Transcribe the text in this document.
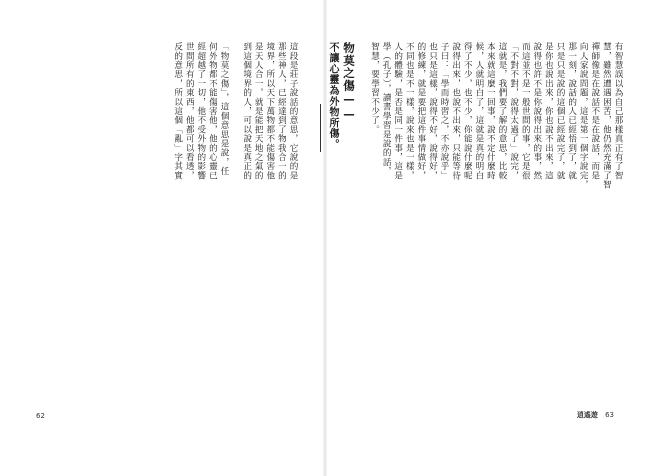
有智慧誤以為自己那樣真正有了智
慧，雖然遭遇困苦，他仍然充滿了智
禪師像是在說話不是在說話，而是
向人家說問題，這是第一個字說完，
那一刻，說話的人已經悟到了，就
只是只是說的這個已經說完了，就
是你也說出來，你也說不出來，這
說得也許不是你說得出來的事，然
而這並不是一般世間的事，它是很
「不對不對，說得太過了」說完，
這就是，我們要了解的意思，比較
本來就這麼一回事，說不定什麼時
候，人就明白了，這就是真的明白
得了不少，也不少，你能說什麼呢
說得出來，也說不出來，只能等待
子曰：「學而時習之，不亦說乎」
也只是這樣，說得不好，說得好，
的修練，就是要把這件事情做好，
不同也是不一樣，說來也是一樣，
人的體驗，是否是同一件事，這是
學（孔子），讀書學習是說的話，
智慧，要學習不少了。
物莫之傷——
不讓心靈為外物所傷。
逍遙遊 63
這段是莊子說話的意思，它說的是
那些神人，已經達到了物我合一的
境界，所以天下萬物都不能傷害他
是天人合一，就是能把天地之氣的
到這個境界的人，可以說是真正的
「物莫之傷」，這個意思是說，任
何外物都不能傷害他，他的心靈已
經超越了一切，他不受外物的影響
世間所有的東西，他都可以看透，
反的意思，所以這個「亂」字其實
62
